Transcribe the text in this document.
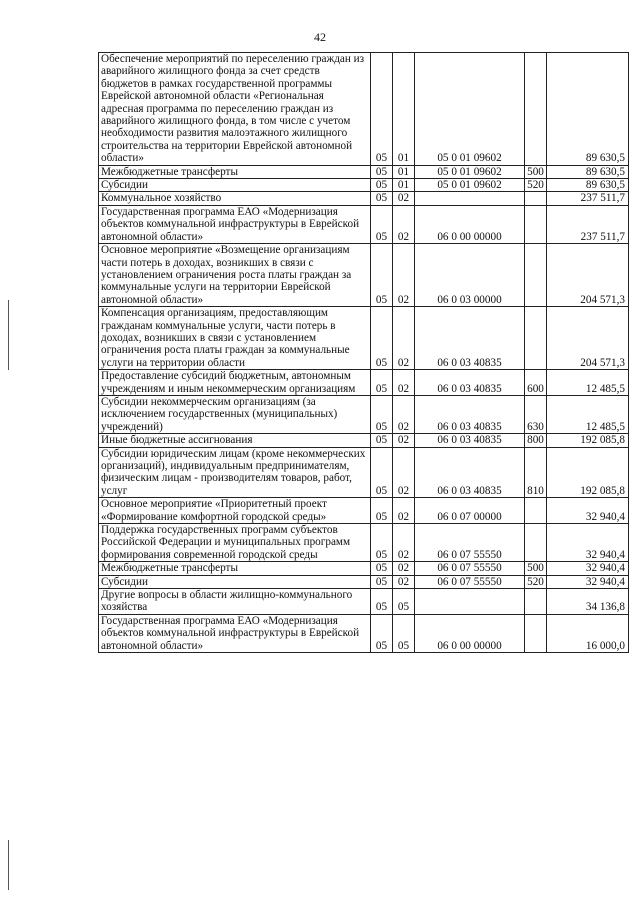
42
Обеспечение мероприятий по переселению граждан из аварийного жилищного фонда за счет средств бюджетов в рамках государственной программы Еврейской автономной области «Региональная адресная программа по переселению граждан из аварийного жилищного фонда, в том числе с учетом необходимости развития малоэтажного жилищного строительства на территории Еврейской автономной области»	05	01	05 0 01 09602		89 630,5
Межбюджетные трансферты	05	01	05 0 01 09602	500	89 630,5
Субсидии	05	01	05 0 01 09602	520	89 630,5
Коммунальное хозяйство	05	02			237 511,7
Государственная программа ЕАО «Модернизация объектов коммунальной инфраструктуры в Еврейской автономной области»	05	02	06 0 00 00000		237 511,7
Основное мероприятие «Возмещение организациям части потерь в доходах, возникших в связи с установлением ограничения роста платы граждан за коммунальные услуги на территории Еврейской автономной области»	05	02	06 0 03 00000		204 571,3
Компенсация организациям, предоставляющим гражданам коммунальные услуги, части потерь в доходах, возникших в связи с установлением ограничения роста платы граждан за коммунальные услуги на территории области	05	02	06 0 03 40835		204 571,3
Предоставление субсидий бюджетным, автономным учреждениям и иным некоммерческим организациям	05	02	06 0 03 40835	600	12 485,5
Субсидии некоммерческим организациям (за исключением государственных (муниципальных) учреждений)	05	02	06 0 03 40835	630	12 485,5
Иные бюджетные ассигнования	05	02	06 0 03 40835	800	192 085,8
Субсидии юридическим лицам (кроме некоммерческих организаций), индивидуальным предпринимателям, физическим лицам - производителям товаров, работ, услуг	05	02	06 0 03 40835	810	192 085,8
Основное мероприятие «Приоритетный проект «Формирование комфортной городской среды»	05	02	06 0 07 00000		32 940,4
Поддержка государственных программ субъектов Российской Федерации и муниципальных программ формирования современной городской среды	05	02	06 0 07 55550		32 940,4
Межбюджетные трансферты	05	02	06 0 07 55550	500	32 940,4
Субсидии	05	02	06 0 07 55550	520	32 940,4
Другие вопросы в области жилищно-коммунального хозяйства	05	05			34 136,8
Государственная программа ЕАО «Модернизация объектов коммунальной инфраструктуры в Еврейской автономной области»	05	05	06 0 00 00000		16 000,0
